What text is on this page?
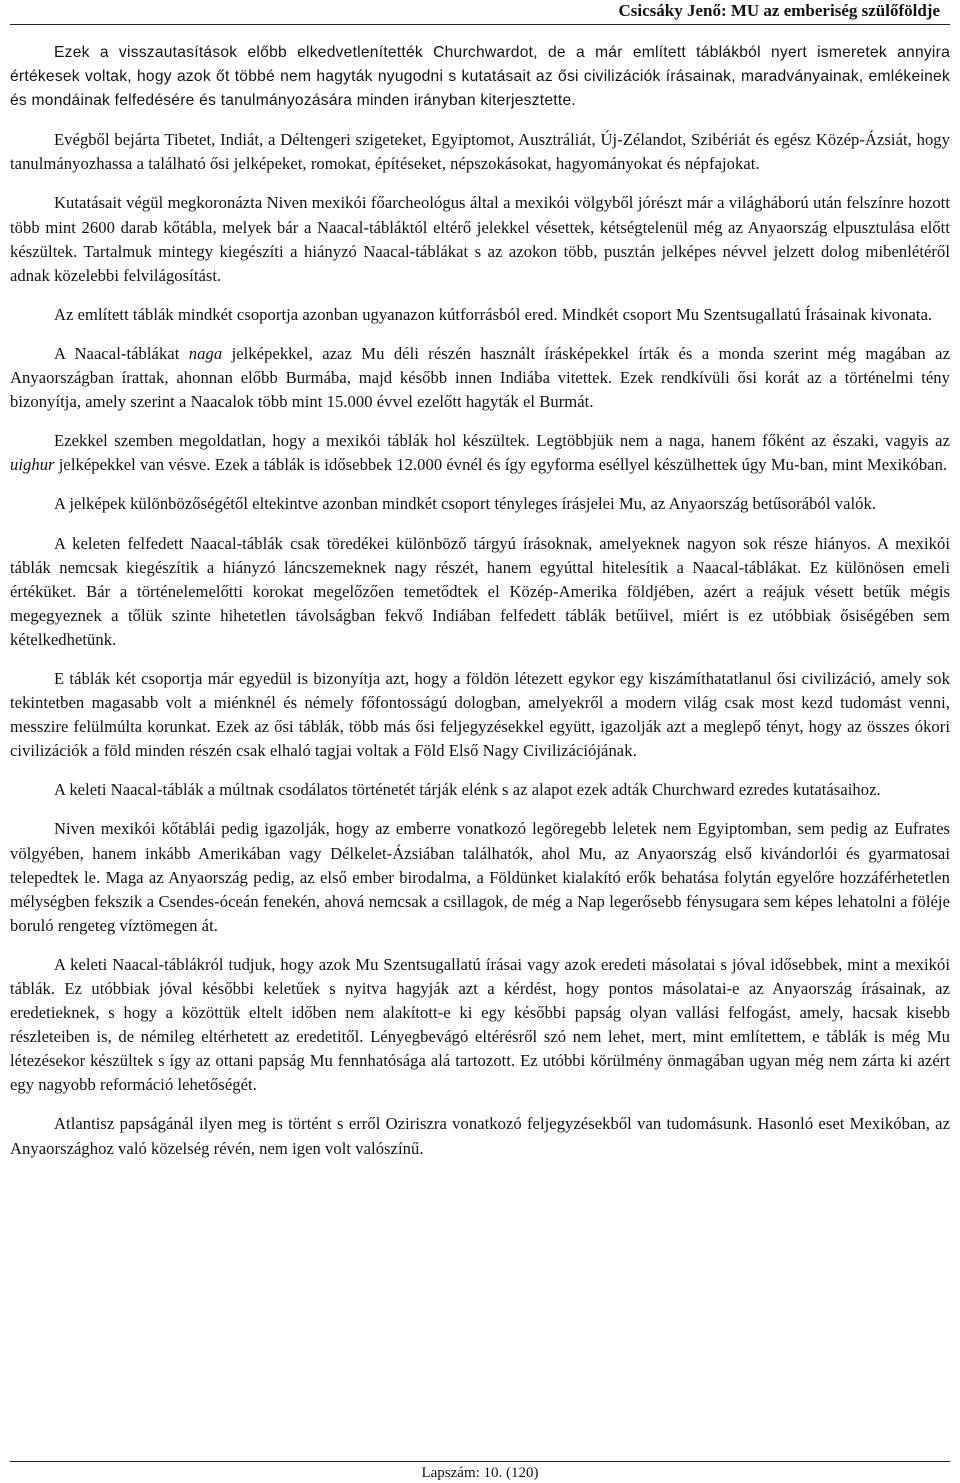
Csicsáky Jenő: MU az emberiség szülőföldje

Ezek a visszautasítások előbb elkedvetlenítették Churchwardot, de a már említett táblákból nyert ismeretek annyira értékesek voltak, hogy azok őt többé nem hagyták nyugodni s kutatásait az ősi civilizációk írásainak, maradványainak, emlékeinek és mondáinak felfedésére és tanulmányozására minden irányban kiterjesztette.

Evégből bejárta Tibetet, Indiát, a Déltengeri szigeteket, Egyiptomot, Ausztráliát, Új-Zélandot, Szibériát és egész Közép-Ázsiát, hogy tanulmányozhassa a található ősi jelképeket, romokat, építéseket, népszokásokat, hagyományokat és népfajokat.

Kutatásait végül megkoronázta Niven mexikói főarcheológus által a mexikói völgyből jórészt már a világháború után felszínre hozott több mint 2600 darab kőtábla, melyek bár a Naacal-tábláktól eltérő jelekkel vésettek, kétségtelenül még az Anyaország elpusztulása előtt készültek. Tartalmuk mintegy kiegészíti a hiányzó Naacal-táblákat s az azokon több, pusztán jelképes névvel jelzett dolog mibenlétéről adnak közelebbi felvilágosítást.

Az említett táblák mindkét csoportja azonban ugyanazon kútforrásból ered. Mindkét csoport Mu Szentsugallatú Írásainak kivonata.

A Naacal-táblákat naga jelképekkel, azaz Mu déli részén használt írásképekkel írták és a monda szerint még magában az Anyaországban írattak, ahonnan előbb Burmába, majd később innen Indiába vitettek. Ezek rendkívüli ősi korát az a történelmi tény bizonyítja, amely szerint a Naacalok több mint 15.000 évvel ezelőtt hagyták el Burmát.

Ezekkel szemben megoldatlan, hogy a mexikói táblák hol készültek. Legtöbbjük nem a naga, hanem főként az északi, vagyis az uighur jelképekkel van vésve. Ezek a táblák is idősebbek 12.000 évnél és így egyforma eséllyel készülhettek úgy Mu-ban, mint Mexikóban.

A jelképek különbözőségétől eltekintve azonban mindkét csoport tényleges írásjelei Mu, az Anyaország betűsorából valók.

A keleten felfedett Naacal-táblák csak töredékei különböző tárgyú írásoknak, amelyeknek nagyon sok része hiányos. A mexikói táblák nemcsak kiegészítik a hiányzó láncszemeknek nagy részét, hanem egyúttal hitelesítik a Naacal-táblákat. Ez különösen emeli értéküket. Bár a történelemelőtti korokat megelőzően temetődtek el Közép-Amerika földjében, azért a reájuk vésett betűk mégis megegyeznek a tőlük szinte hihetetlen távolságban fekvő Indiában felfedett táblák betűivel, miért is ez utóbbiak ősiségében sem kételkedhetünk.

E táblák két csoportja már egyedül is bizonyítja azt, hogy a földön létezett egykor egy kiszámíthatatlanul ősi civilizáció, amely sok tekintetben magasabb volt a miénknél és némely főfontosságú dologban, amelyekről a modern világ csak most kezd tudomást venni, messzire felülmúlta korunkat. Ezek az ősi táblák, több más ősi feljegyzésekkel együtt, igazolják azt a meglepő tényt, hogy az összes ókori civilizációk a föld minden részén csak elhaló tagjai voltak a Föld Első Nagy Civilizációjának.

A keleti Naacal-táblák a múltnak csodálatos történetét tárják elénk s az alapot ezek adták Churchward ezredes kutatásaihoz.

Niven mexikói kőtáblái pedig igazolják, hogy az emberre vonatkozó legöregebb leletek nem Egyiptomban, sem pedig az Eufrates völgyében, hanem inkább Amerikában vagy Délkelet-Ázsiában találhatók, ahol Mu, az Anyaország első kivándorlói és gyarmatosai telepedtek le. Maga az Anyaország pedig, az első ember birodalma, a Földünket kialakító erők behatása folytán egyelőre hozzáférhetetlen mélységben fekszik a Csendes-óceán fenekén, ahová nemcsak a csillagok, de még a Nap legerősebb fénysugara sem képes lehatolni a föléje boruló rengeteg víztömegen át.

A keleti Naacal-táblákról tudjuk, hogy azok Mu Szentsugallatú írásai vagy azok eredeti másolatai s jóval idősebbek, mint a mexikói táblák. Ez utóbbiak jóval későbbi keletűek s nyitva hagyják azt a kérdést, hogy pontos másolatai-e az Anyaország írásainak, az eredetieknek, s hogy a közöttük eltelt időben nem alakított-e ki egy későbbi papság olyan vallási felfogást, amely, hacsak kisebb részleteiben is, de némileg eltérhetett az eredetitől. Lényegbevágó eltérésről szó nem lehet, mert, mint említettem, e táblák is még Mu létezésekor készültek s így az ottani papság Mu fennhatósága alá tartozott. Ez utóbbi körülmény önmagában ugyan még nem zárta ki azért egy nagyobb reformáció lehetőségét.

Atlantisz papságánál ilyen meg is történt s erről Oziriszra vonatkozó feljegyzésekből van tudomásunk. Hasonló eset Mexikóban, az Anyaországhoz való közelség révén, nem igen volt valószínű.

Lapszám: 10. (120)
